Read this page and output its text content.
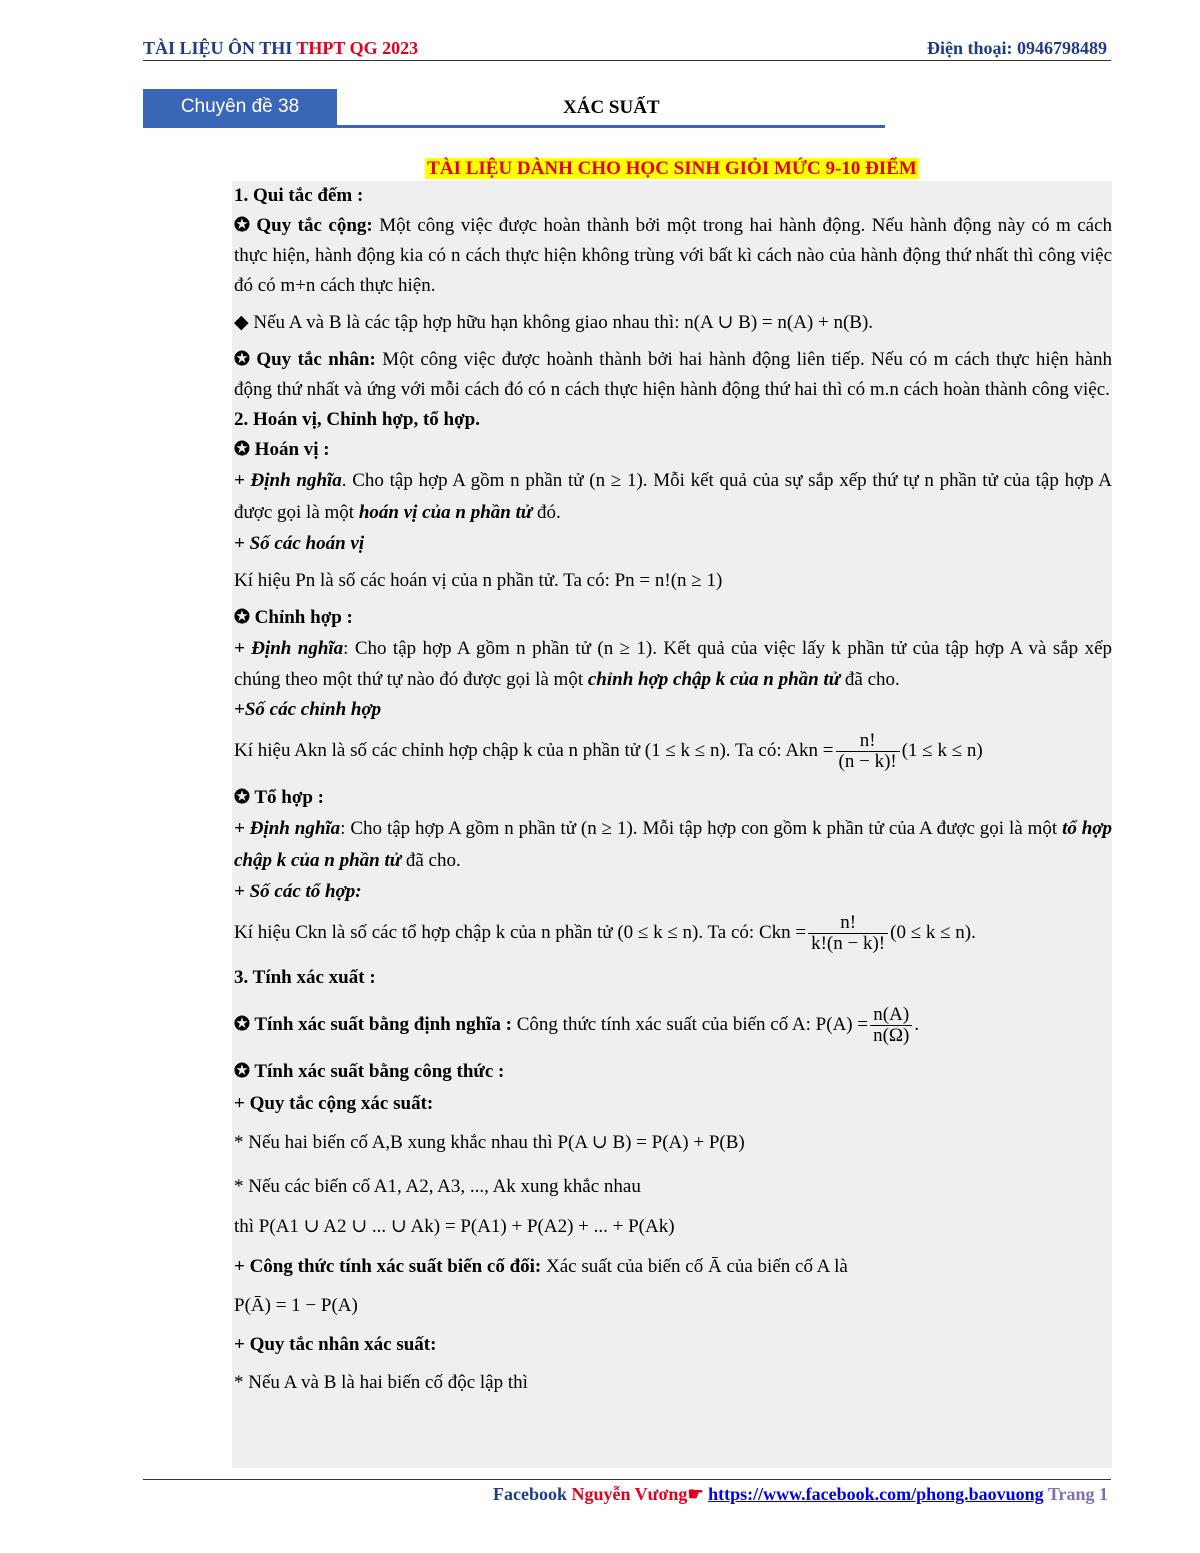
TÀI LIỆU ÔN THI THPT QG 2023	Điện thoại: 0946798489
Chuyên đề 38	XÁC SUẤT
TÀI LIỆU DÀNH CHO HỌC SINH GIỎI MỨC 9-10 ĐIỂM
1. Qui tắc đếm :
✪ Quy tắc cộng: Một công việc được hoàn thành bởi một trong hai hành động. Nếu hành động này có m cách thực hiện, hành động kia có n cách thực hiện không trùng với bất kì cách nào của hành động thứ nhất thì công việc đó có m+n cách thực hiện.
◆ Nếu A và B là các tập hợp hữu hạn không giao nhau thì: n(A ∪ B) = n(A) + n(B).
✪ Quy tắc nhân: Một công việc được hoành thành bởi hai hành động liên tiếp. Nếu có m cách thực hiện hành động thứ nhất và ứng với mỗi cách đó có n cách thực hiện hành động thứ hai thì có m.n cách hoàn thành công việc.
2. Hoán vị, Chỉnh hợp, tổ hợp.
✪ Hoán vị :
+ Định nghĩa. Cho tập hợp A gồm n phần tử (n ≥ 1). Mỗi kết quả của sự sắp xếp thứ tự n phần tử của tập hợp A được gọi là một hoán vị của n phần tử đó.
+ Số các hoán vị
Kí hiệu Pn là số các hoán vị của n phần tử. Ta có: Pn = n!(n ≥ 1)
✪ Chỉnh hợp :
+ Định nghĩa: Cho tập hợp A gồm n phần tử (n ≥ 1). Kết quả của việc lấy k phần tử của tập hợp A và sắp xếp chúng theo một thứ tự nào đó được gọi là một chỉnh hợp chập k của n phần tử đã cho.
+Số các chỉnh hợp
Kí hiệu Akn là số các chỉnh hợp chập k của n phần tử (1 ≤ k ≤ n). Ta có: Akn = $\frac{n!}{(n - k)!} (1 \le k \le n)$
✪ Tổ hợp :
+ Định nghĩa: Cho tập hợp A gồm n phần tử (n ≥ 1). Mỗi tập hợp con gồm k phần tử của A được gọi là một tổ hợp chập k của n phần tử đã cho.
+ Số các tổ hợp:
Kí hiệu Ckn là số các tổ hợp chập k của n phần tử (0 ≤ k ≤ n). Ta có: Ckn = $\frac{n!}{k!(n - k)!} (0 \le k \le n)$.
3. Tính xác xuất :
✪ Tính xác suất bằng định nghĩa : Công thức tính xác suất của biến cố A: $P(A) = \frac{n(A)}{n(\Omega)}$ .
✪ Tính xác suất bằng công thức :
+ Quy tắc cộng xác suất:
* Nếu hai biến cố A,B xung khắc nhau thì P(A ∪ B) = P(A) + P(B)
* Nếu các biến cố A1, A2, A3, ..., Ak xung khắc nhau
thì P(A1 ∪ A2 ∪ ... ∪ Ak) = P(A1) + P(A2) + ... + P(Ak)
+ Công thức tính xác suất biến cố đối: Xác suất của biến cố Ā của biến cố A là
P(Ā) = 1 − P(A)
+ Quy tắc nhân xác suất:
* Nếu A và B là hai biến cố độc lập thì
Facebook Nguyễn Vương☛ https://www.facebook.com/phong.baovuong Trang 1
